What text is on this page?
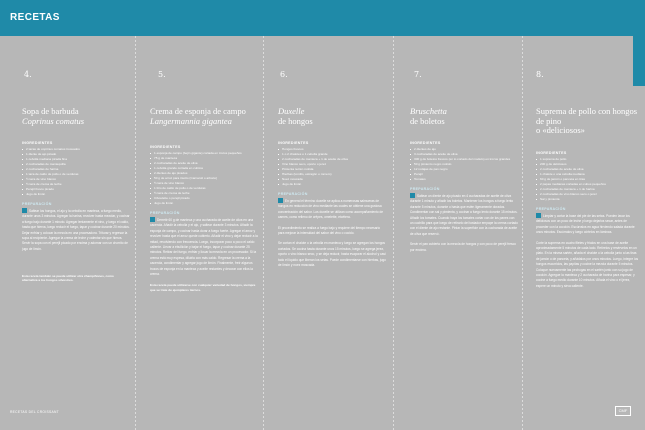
RECETAS
4.
Sopa de barbuda
Coprinus comatus
INGREDIENTES
2 tazas de coprinus comatus troceados
1 diente de ajo picado
1 cebolla mediana picada fina
2 cucharadas de mantequilla
2 cucharadas de harina
1 taza de caldo de pollo o de verduras
½ taza de vino blanco
½ taza de crema de leche
Perejil fresco picado
Jugo de limón
PREPARACIÓN

Saltear los hongos, el ajo y la cebolla en manteca, a fuego medio, durante unos 3 minutos. Agregar la harina, revolver hasta mezclar, y cocinar a fuego bajo durante 1 minuto. Agregar lentamente el vino, y luego el caldo, hasta que hierva, luego reducir el fuego, tapar y cocinar durante 20 minutos. Dejar enfriar y colocar la mezcla en una procesadora. Triturar y regresar la sopa al recipiente. Agregar la crema de leche y calentar sin que hierva. Servir la sopa con el perejil picado por encima y adornar con un chorrito de jugo de limón.

Esta receta también se puede utilizar otra champiñones, como alternativa a los hongos silvestres.
5.
Crema de esponja de campo
Langermannia gigantea
INGREDIENTES
1 esponja de campo (bejín gigante) cortada en trozos pequeños
75 g de manteca
2 cucharadas de aceite de oliva
1 cebolla grande cortada en cubitos
2 dientes de ajo picados
50 g de arroz para risotto (Carnaroli o arborio)
½ taza de vino blanco
1 litro de caldo de pollo o de verduras
½ taza de crema de leche
Ciboulette o perejil picado
Jugo de limón
PREPARACIÓN

Derretir 60 g de manteca y una cucharada de aceite de oliva en una cacerola. Añadir la cebolla y el ajo, y saltear durante 3 minutos. Añadir la esponja de campo, y cocinar hasta dorar a fuego fuerte. Agregar el arroz y revolver hasta que el arroz quede cubierto. Añadir el vino y dejar reducir a la mitad, revolviendo con frecuencia. Luego, incorporar poco a poco el caldo caliente. Llevar a ebullición y bajar el fuego, tapar y cocinar durante 25 minutos. Retirar del fuego, enfriar y licuar la mezcla en un procesador. Si la crema está muy espesa, diluirla con más caldo. Regresar la crema a la cacerola, condimentar y agregar jugo de limón. Finalmente, freír algunos trozos de esponja en la manteca y aceite restantes y decorar con ellos la crema.

Esta receta puede utilizarse con cualquier variedad de hongos, siempre que se trate de ejemplares tiernos.
6.
Duxelle
de hongos
INGREDIENTES
Hongos frescos
1 o 2 chalotes o 1 cebolla grande
2 cucharadas de manteca + 1 de aceite de oliva
Vino blanco seco, oporto o jerez
Pimienta recién molida
Hierbas (tomillo, estragón o romero)
Nuez moscada
Jugo de limón
PREPARACIÓN

En general el término duxelle se aplica a numerosas salmueras de hongos en reducción de vino mediante las cuales se obtiene una gustosa concentración del sabor. Los duxelle se utilizan como acompañamiento de carnes, como relleno de crêpes, omelette, etcétera.

El procedimiento se realiza a fuego bajo y requiere del tiempo necesario para mejorar la intensidad del sabor del vino o cocido.

Se cortan el chalote o la cebolla en manteca y luego se agregan los hongos cortados. Se cocina hasta durante unos 15 minutos, luego se agrega jerez, oporto o vino blanco seco, y se deja reducir, hasta evaporar el alcohol y casi todo el líquido que liberan los setas. Puede condimentarse con hierbas, jugo de limón y nuez moscada.

7.
Bruschetta
de boletos
INGREDIENTES
2 dientes de ajo
3 cucharadas de aceite de oliva
300 g de boletos frescos (en lo cortado del modelo) en trozos grandes
50 g pimiento negro molido
12 rodajas de pan negro
Perejil
Tomates
PREPARACIÓN

Saltear un diente de ajo picado en 4 cucharadas de aceite de oliva durante 1 minuto y añadir los boletos. Mantener los hongos a fuego lento durante 5 minutos, durante o hasta que estén ligeramente dorados. Condimentar con sal y pimienta, y cocinar a fuego lento durante 15 minutos. Añadir los tomates. Cuando haya los tomates cortar con de los panes con un cuchillo para que luego de retirarlo del tostador empape la crema cortado con el diente de ajo restante. Pintar la superficie con la cucharada de aceite de oliva que reservó.

Servir el pan cubierto con la mezcla de hongos y con poco de perejil fresco por encima.

8.
Suprema de pollo con hongos de pino
o «deliciosos»
INGREDIENTES
1 suprema de pollo
200 g de deliciosos
2 cucharadas de aceite de oliva
1 chalote o una cebolla mediana
60 g de jamón o panceta en tiras
2 papas medianas cortadas en cubos pequeños
2 cucharadas de manteca + 1 de harina
2 cucharadas de vino blanco seco o jerez
Sal y pimienta
PREPARACIÓN

Limpiar y cortar la base del pie de las setas. Pueden lavar los deliciosos con un poco de leche y luego dejarlos secar, antes de proceder con la cocción. Escúrralos en agua hirviendo salada durante unos minutos. Escúrralos y luego córtelos en láminas.

Corte la suprema en cuatro filetes y fríalos en una base de aceite aproximadamente 5 minutos de cada lado. Retírelos y resérvelos en un plato. En la misma sartén, añada el chalote o la cebolla junto a las tiras de jamón o de panceta, y añádalos por unos minutos. Luego, integre los hongos escurridos, las papitas y cocine la mezcla durante 5 minutos. Coloque nuevamente las pechugas en el sartén junto con su jugo de cocción. Agregue la manteca y 2 cucharada de harina para espesar, y cocine a fuego medio durante 10 minutos. Añada el vino o el jerez, espere un minuto y sirva caliente.

RECETAS DEL CROISSANT	CMF
